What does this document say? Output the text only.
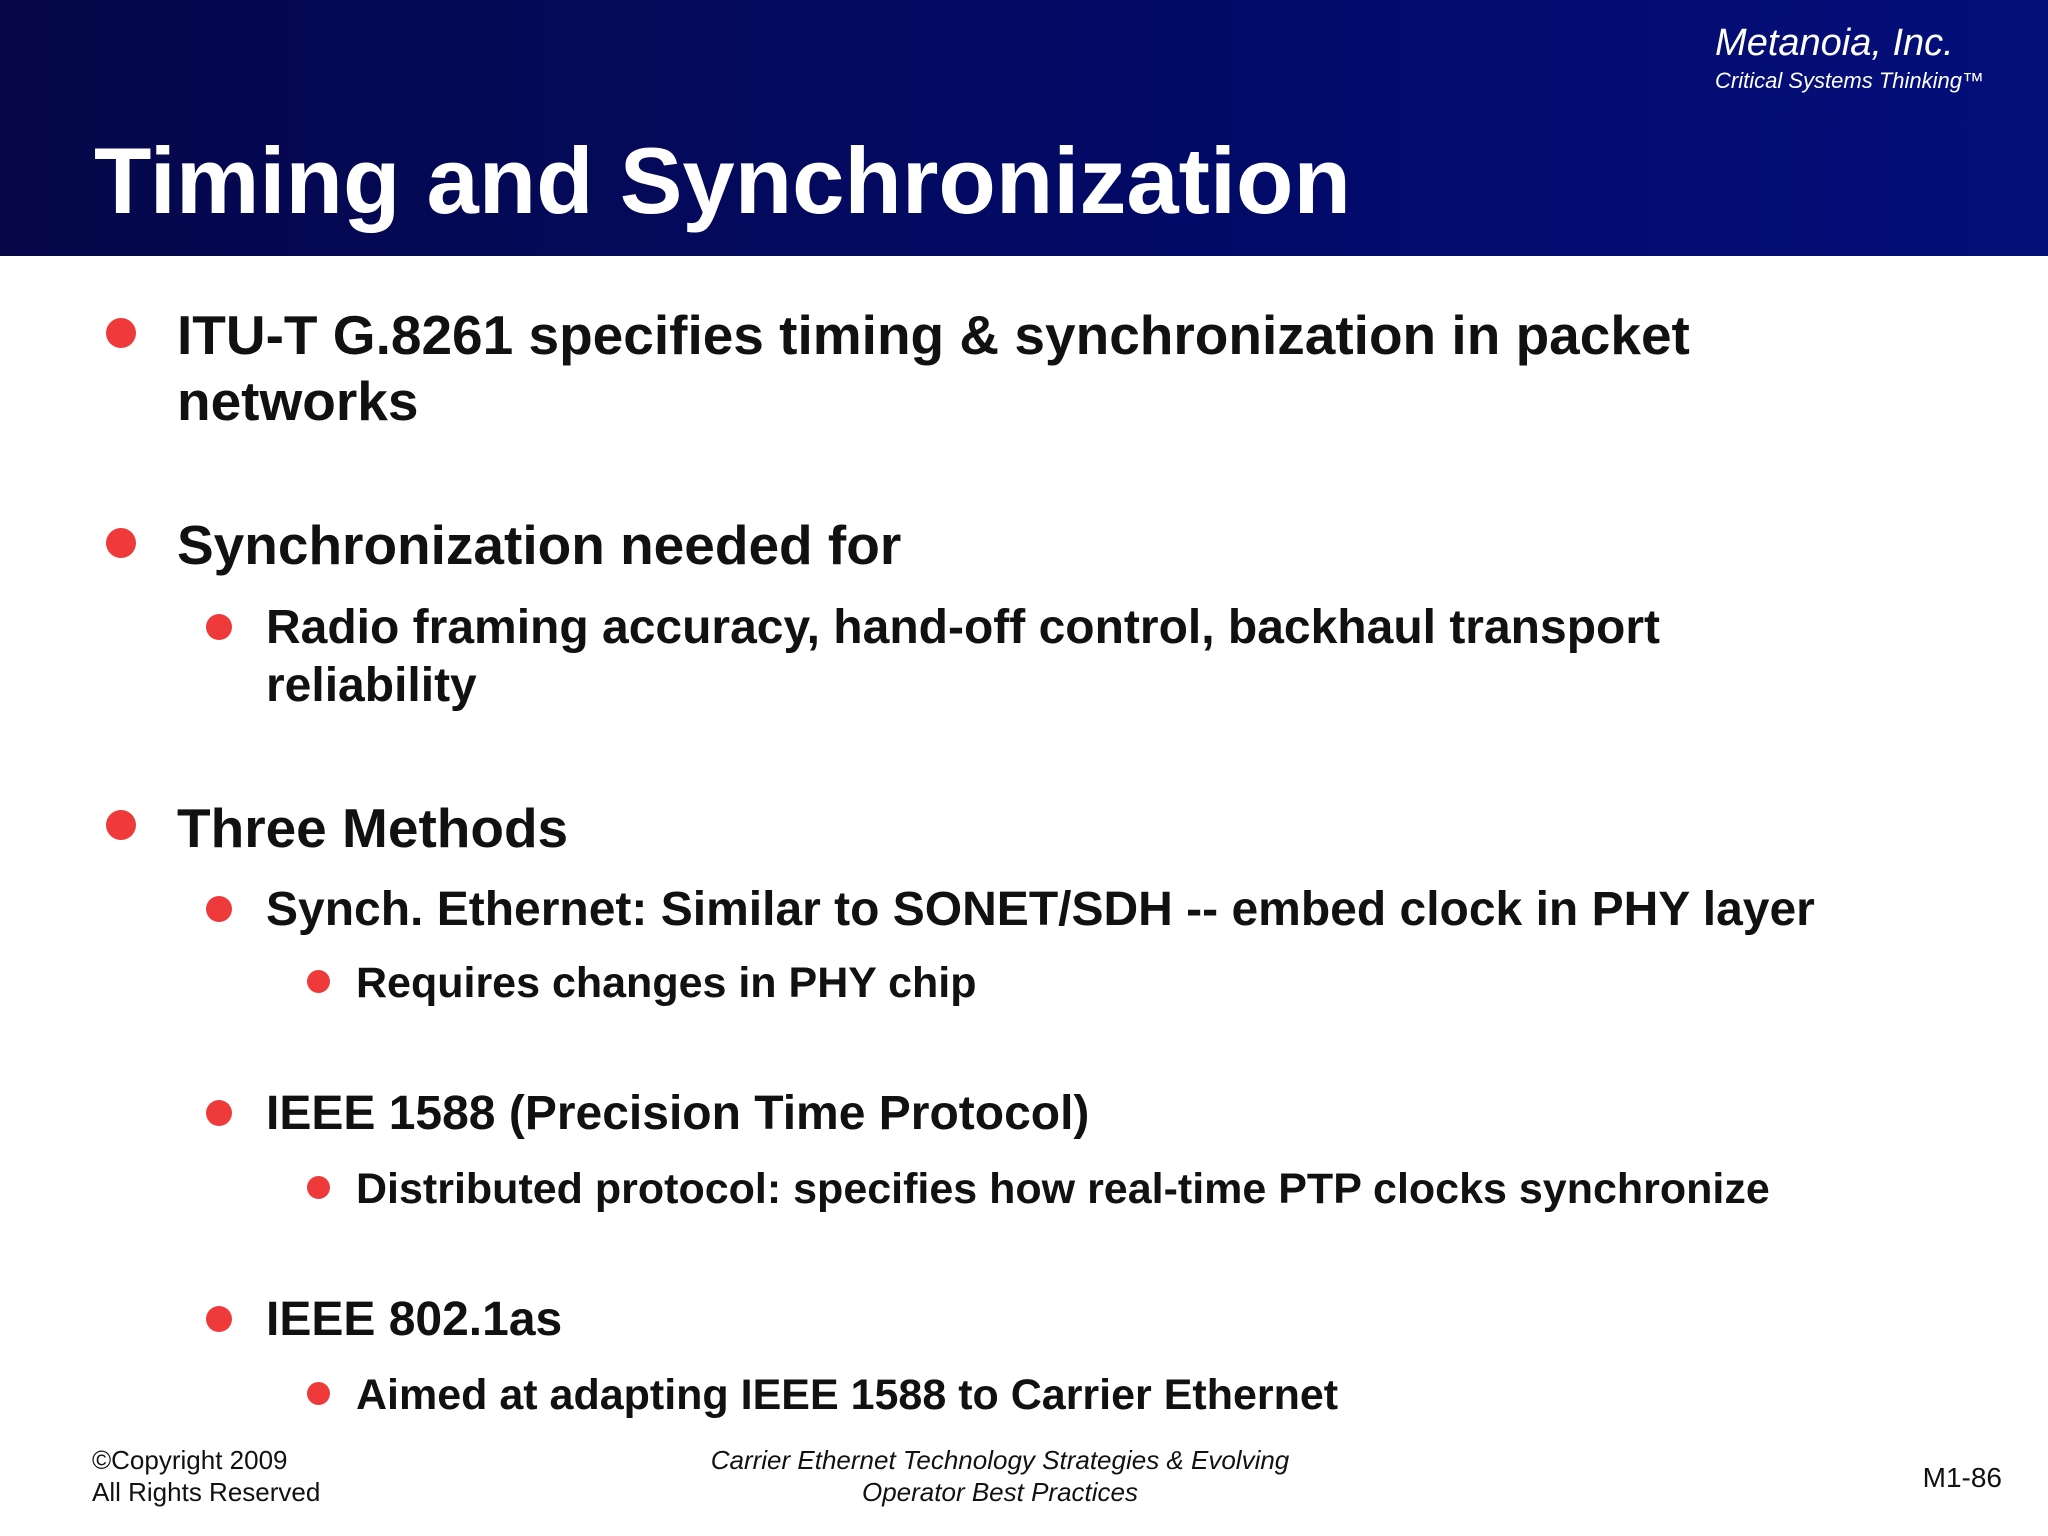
Metanoia, Inc.
Critical Systems Thinking™
Timing and Synchronization
ITU-T G.8261 specifies timing & synchronization in packet networks
Synchronization needed for
Radio framing accuracy, hand-off control, backhaul transport reliability
Three Methods
Synch. Ethernet: Similar to SONET/SDH -- embed clock in PHY layer
Requires changes in PHY chip
IEEE 1588 (Precision Time Protocol)
Distributed protocol: specifies how real-time PTP clocks synchronize
IEEE 802.1as
Aimed at adapting IEEE 1588 to Carrier Ethernet
©Copyright 2009
All Rights Reserved
Carrier Ethernet Technology Strategies & Evolving
Operator Best Practices	M1-86
